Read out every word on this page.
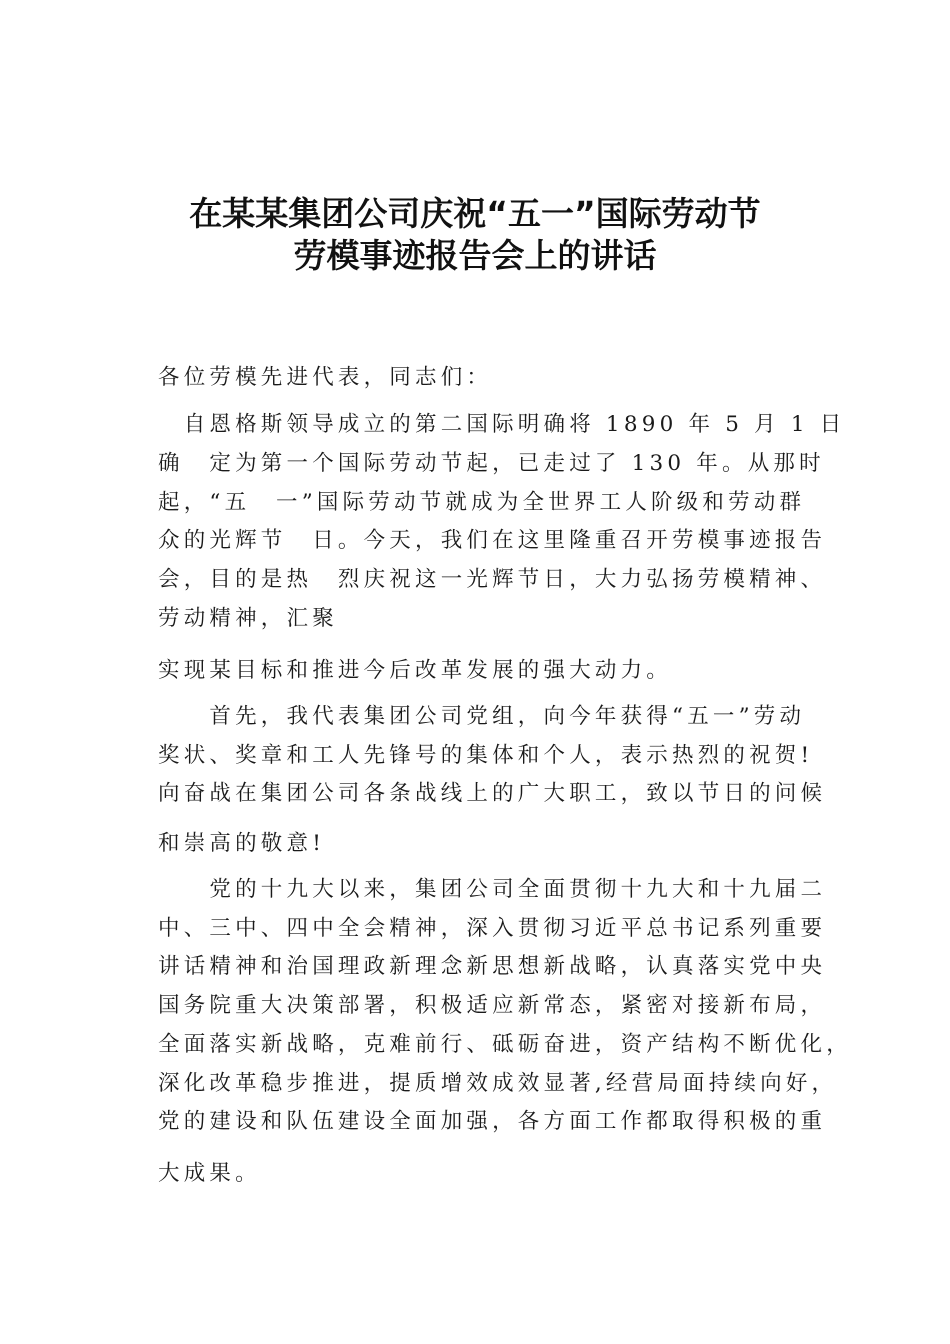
在某某集团公司庆祝“五一”国际劳动节
劳模事迹报告会上的讲话
各位劳模先进代表，同志们：
　自恩格斯领导成立的第二国际明确将 1890 年 5 月 1 日
确　定为第一个国际劳动节起，已走过了 130 年。从那时
起，“五　一”国际劳动节就成为全世界工人阶级和劳动群
众的光辉节　日。今天，我们在这里隆重召开劳模事迹报告
会，目的是热　烈庆祝这一光辉节日，大力弘扬劳模精神、
劳动精神，汇聚
实现某目标和推进今后改革发展的强大动力。
　　首先，我代表集团公司党组，向今年获得“五一”劳动
奖状、奖章和工人先锋号的集体和个人，表示热烈的祝贺!
向奋战在集团公司各条战线上的广大职工，致以节日的问候
和崇高的敬意!
　　党的十九大以来，集团公司全面贯彻十九大和十九届二
中、三中、四中全会精神，深入贯彻习近平总书记系列重要
讲话精神和治国理政新理念新思想新战略，认真落实党中央
国务院重大决策部署，积极适应新常态，紧密对接新布局，
全面落实新战略，克难前行、砥砺奋进，资产结构不断优化，
深化改革稳步推进，提质增效成效显著,经营局面持续向好，
党的建设和队伍建设全面加强，各方面工作都取得积极的重
大成果。
